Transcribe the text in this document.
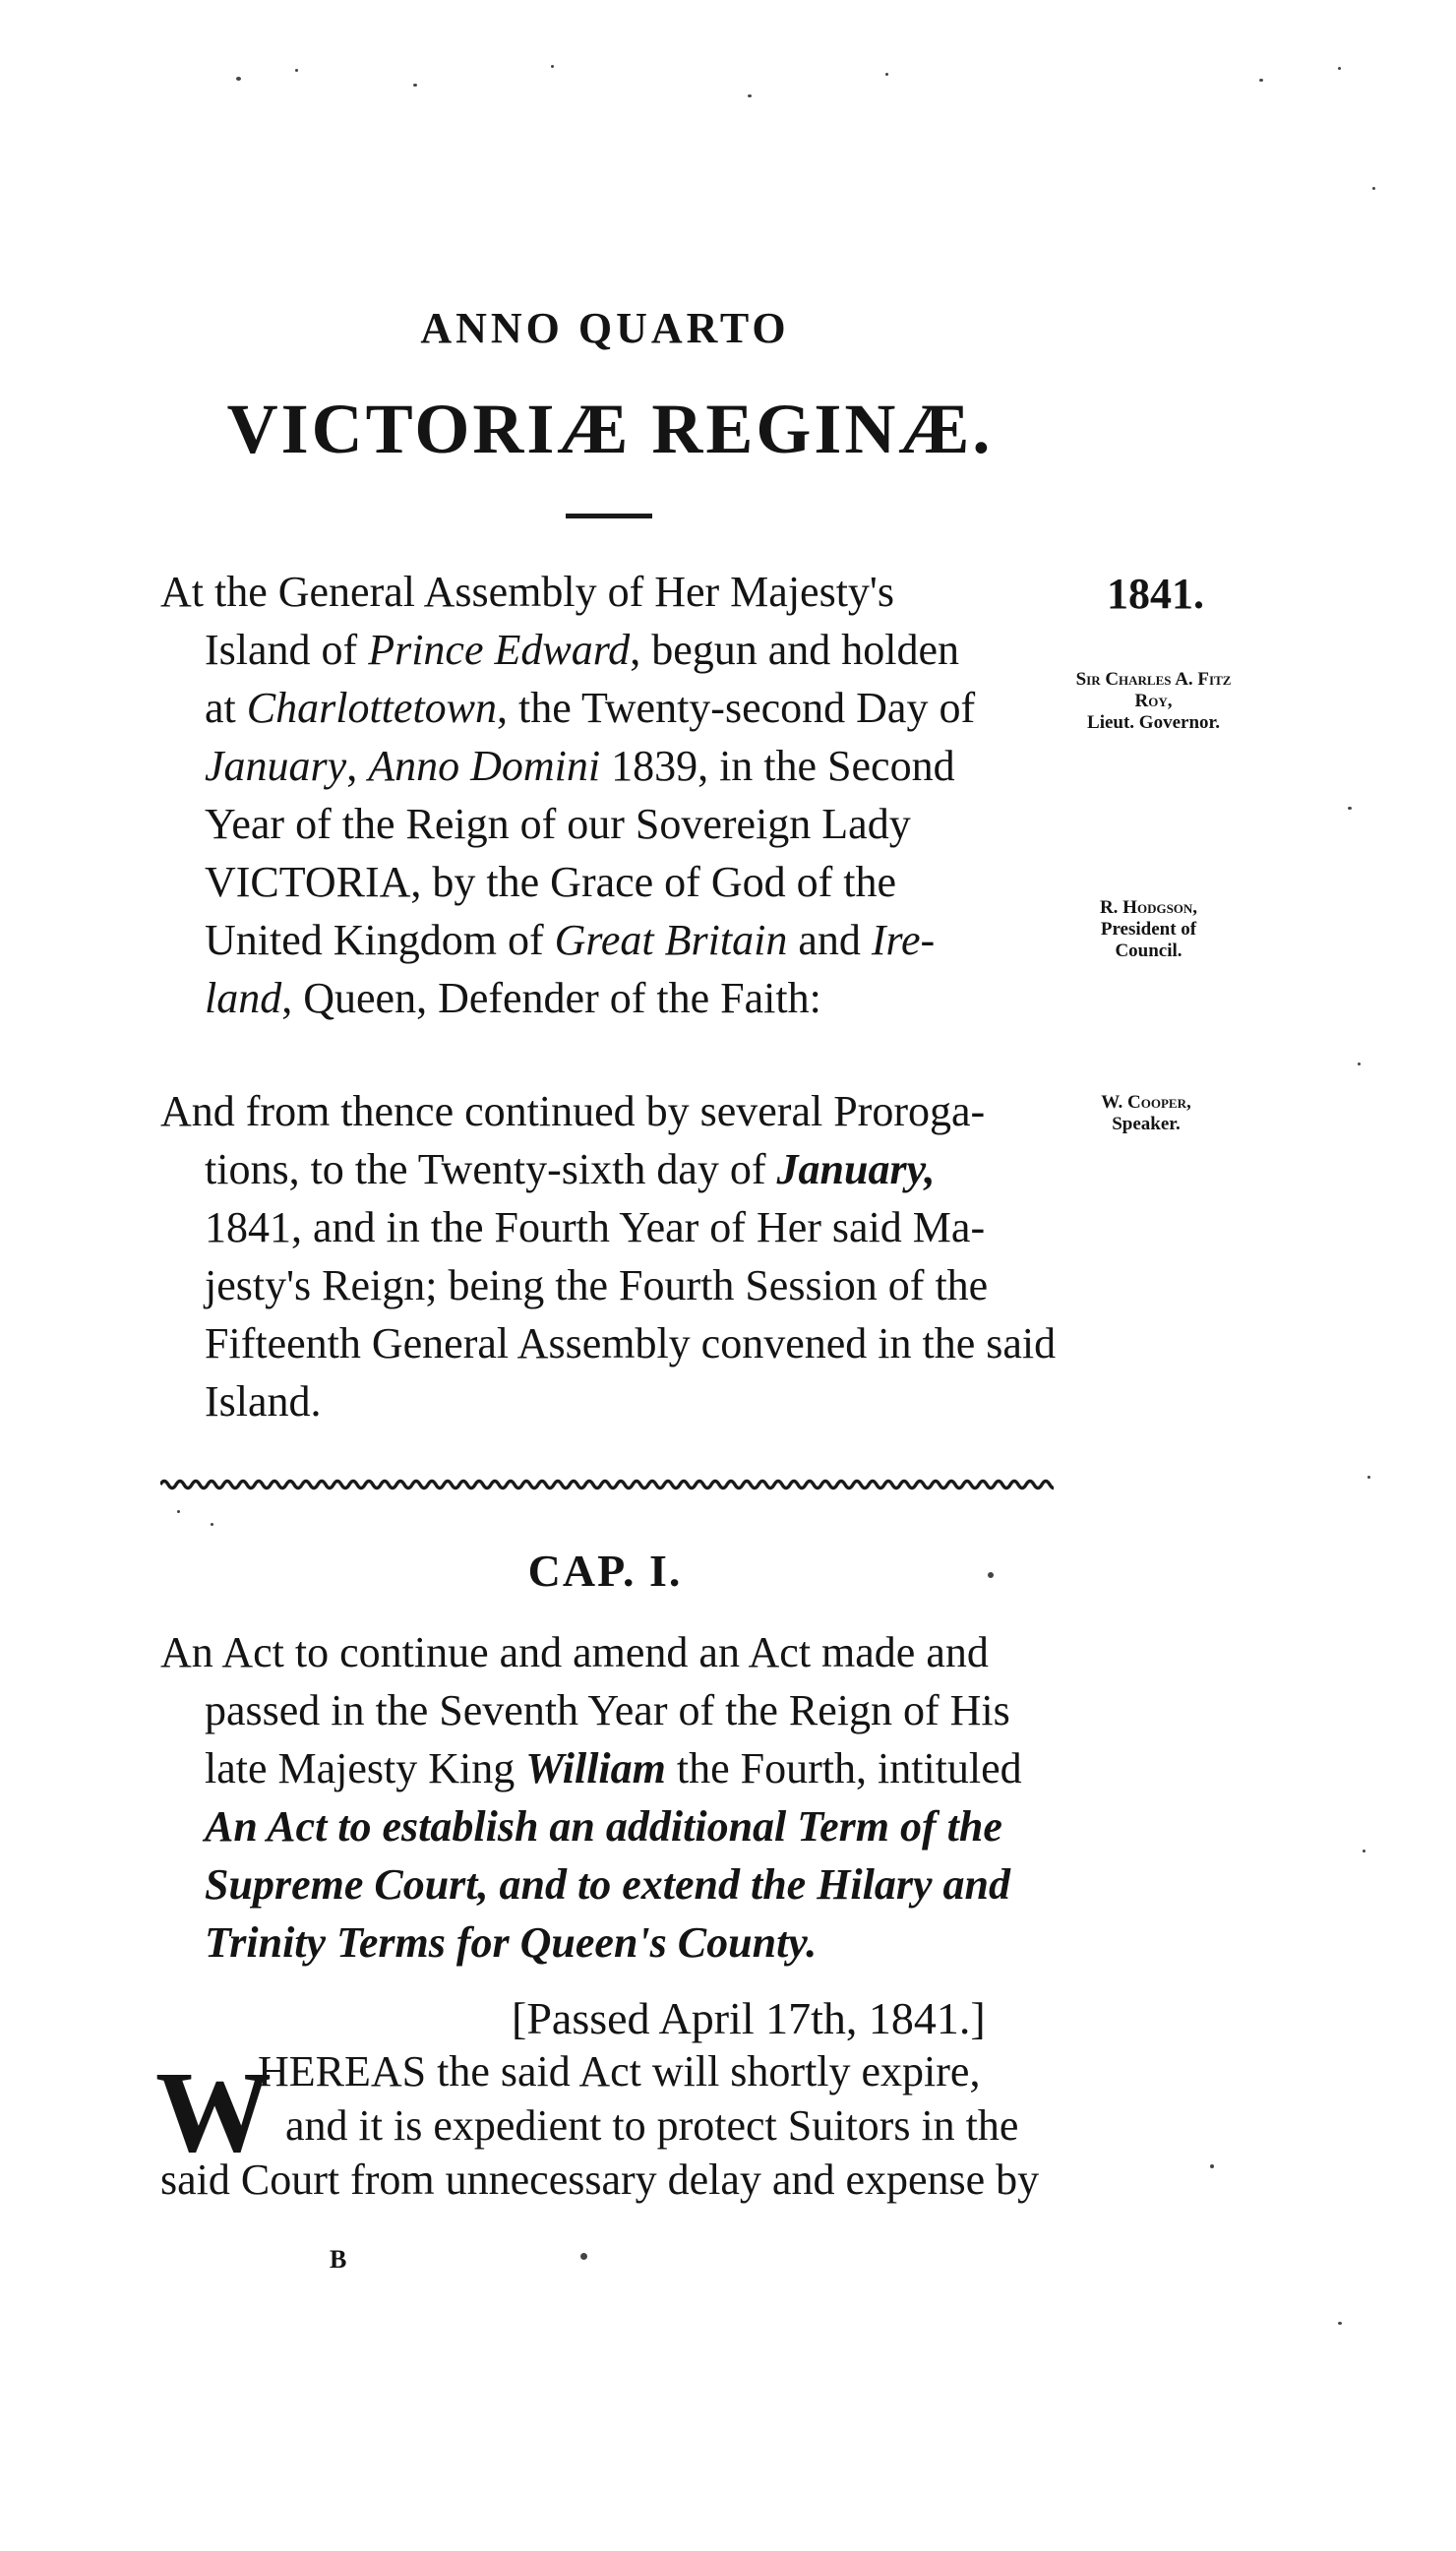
ANNO QUARTO
VICTORIÆ REGINÆ.

At the General Assembly of Her Majesty's

Island of Prince Edward, begun and holden

at Charlottetown, the Twenty-second Day of

January, Anno Domini 1839, in the Second

Year of the Reign of our Sovereign Lady

VICTORIA, by the Grace of God of the

United Kingdom of Great Britain and Ire-

land, Queen, Defender of the Faith:

And from thence continued by several Proroga-

tions, to the Twenty-sixth day of January,

1841, and in the Fourth Year of Her said Ma-

jesty's Reign; being the Fourth Session of the

Fifteenth General Assembly convened in the said

Island.

1841.
Sir Charles A. Fitz Roy,
Lieut. Governor.
R. Hodgson,
President of Council.
W. Cooper,
Speaker.
CAP. I.

An Act to continue and amend an Act made and

passed in the Seventh Year of the Reign of His

late Majesty King William the Fourth, intituled

An Act to establish an additional Term of the

Supreme Court, and to extend the Hilary and

Trinity Terms for Queen's County.

[Passed April 17th, 1841.]
W
HEREAS the said Act will shortly expire,
and it is expedient to protect Suitors in the
said Court from unnecessary delay and expense by
B
